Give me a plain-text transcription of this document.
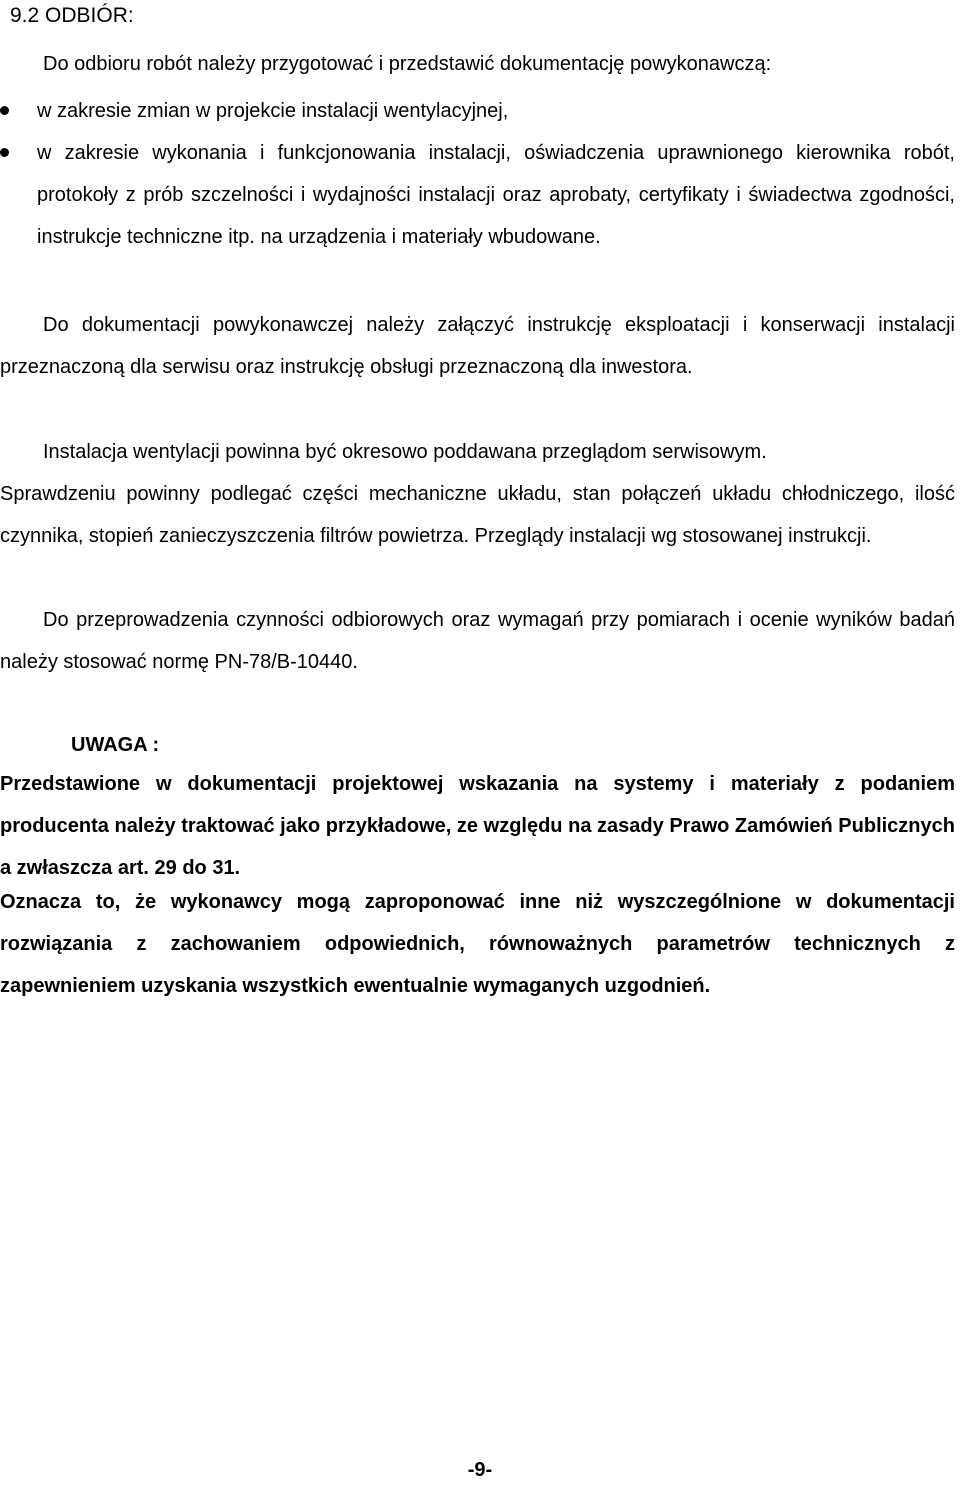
9.2 ODBIÓR:

Do odbioru robót należy przygotować i przedstawić dokumentację powykonawczą:

w zakresie zmian w projekcie instalacji wentylacyjnej,
w zakresie wykonania i funkcjonowania instalacji, oświadczenia uprawnionego kierownika robót, protokoły z prób szczelności i wydajności instalacji oraz aprobaty, certyfikaty i świadectwa zgodności, instrukcje techniczne itp. na urządzenia i materiały wbudowane.

Do dokumentacji powykonawczej należy załączyć instrukcję eksploatacji i konserwacji instalacji przeznaczoną dla serwisu oraz instrukcję obsługi przeznaczoną dla inwestora.

Instalacja wentylacji powinna być okresowo poddawana przeglądom serwisowym.

Sprawdzeniu powinny podlegać części mechaniczne układu, stan połączeń układu chłodniczego, ilość czynnika, stopień zanieczyszczenia filtrów powietrza. Przeglądy instalacji wg stosowanej instrukcji.

Do przeprowadzenia czynności odbiorowych oraz wymagań przy pomiarach i ocenie wyników badań należy stosować normę PN-78/B-10440.

UWAGA :

Przedstawione w dokumentacji projektowej wskazania na systemy i materiały z podaniem producenta należy traktować jako przykładowe, ze względu na zasady Prawo Zamówień Publicznych a zwłaszcza art. 29 do 31.

Oznacza to, że wykonawcy mogą zaproponować inne niż wyszczególnione w dokumentacji rozwiązania z zachowaniem odpowiednich, równoważnych parametrów technicznych z zapewnieniem uzyskania wszystkich ewentualnie wymaganych uzgodnień.

-9-
